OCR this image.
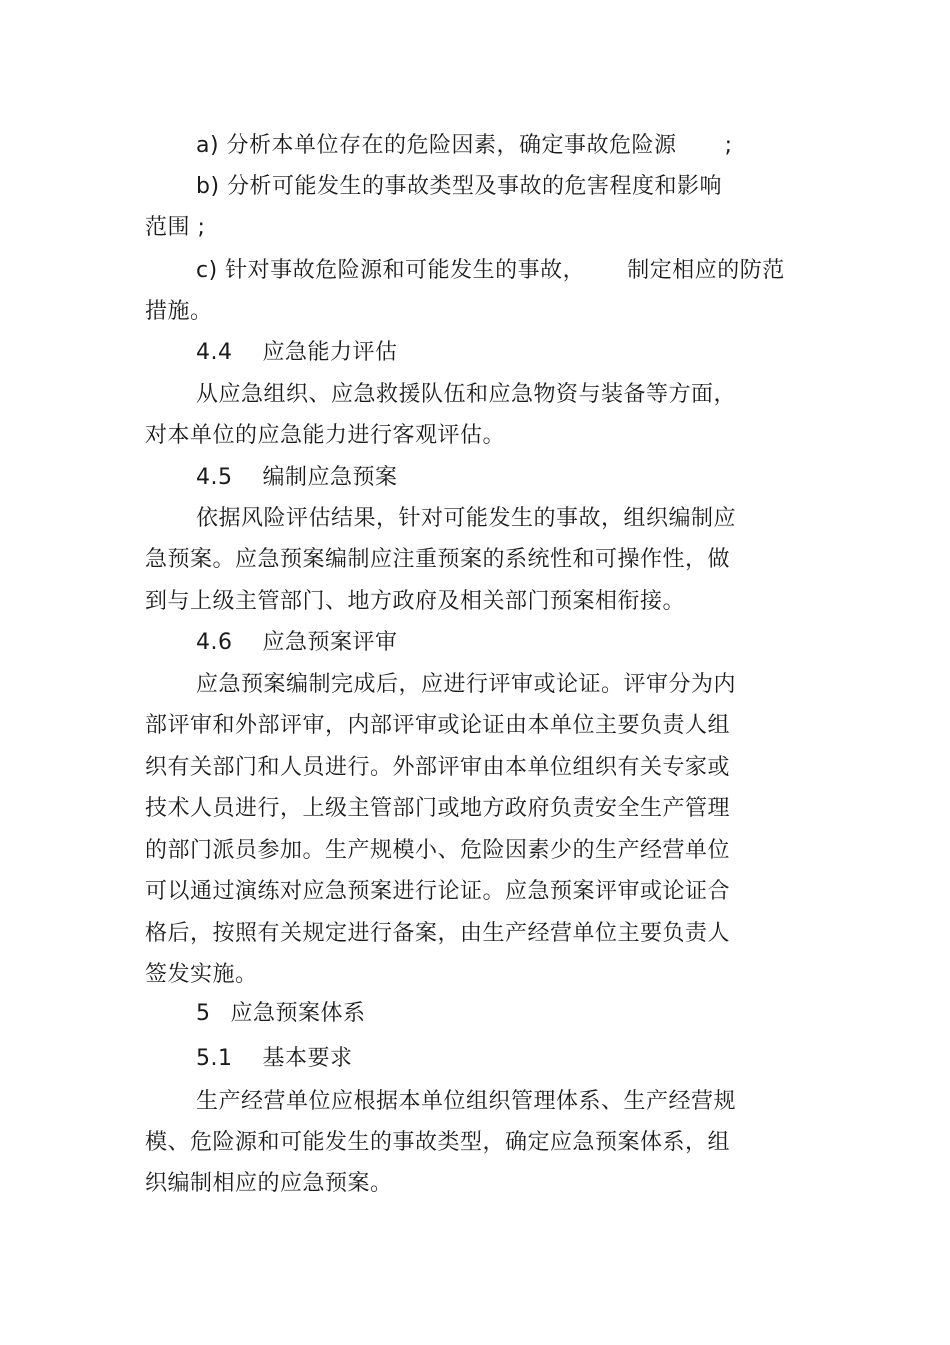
a) 分析本单位存在的危险因素，确定事故危险源 ;
b) 分析可能发生的事故类型及事故的危害程度和影响
范围 ;
c) 针对事故危险源和可能发生的事故， 制定相应的防范
措施。
4.4 应急能力评估
从应急组织、应急救援队伍和应急物资与装备等方面，
对本单位的应急能力进行客观评估。
4.5 编制应急预案
依据风险评估结果，针对可能发生的事故，组织编制应
急预案。应急预案编制应注重预案的系统性和可操作性，做
到与上级主管部门、地方政府及相关部门预案相衔接。
4.6 应急预案评审
应急预案编制完成后，应进行评审或论证。评审分为内
部评审和外部评审，内部评审或论证由本单位主要负责人组
织有关部门和人员进行。外部评审由本单位组织有关专家或
技术人员进行，上级主管部门或地方政府负责安全生产管理
的部门派员参加。生产规模小、危险因素少的生产经营单位
可以通过演练对应急预案进行论证。应急预案评审或论证合
格后，按照有关规定进行备案，由生产经营单位主要负责人
签发实施。
5 应急预案体系
5.1 基本要求
生产经营单位应根据本单位组织管理体系、生产经营规
模、危险源和可能发生的事故类型，确定应急预案体系，组
织编制相应的应急预案。
